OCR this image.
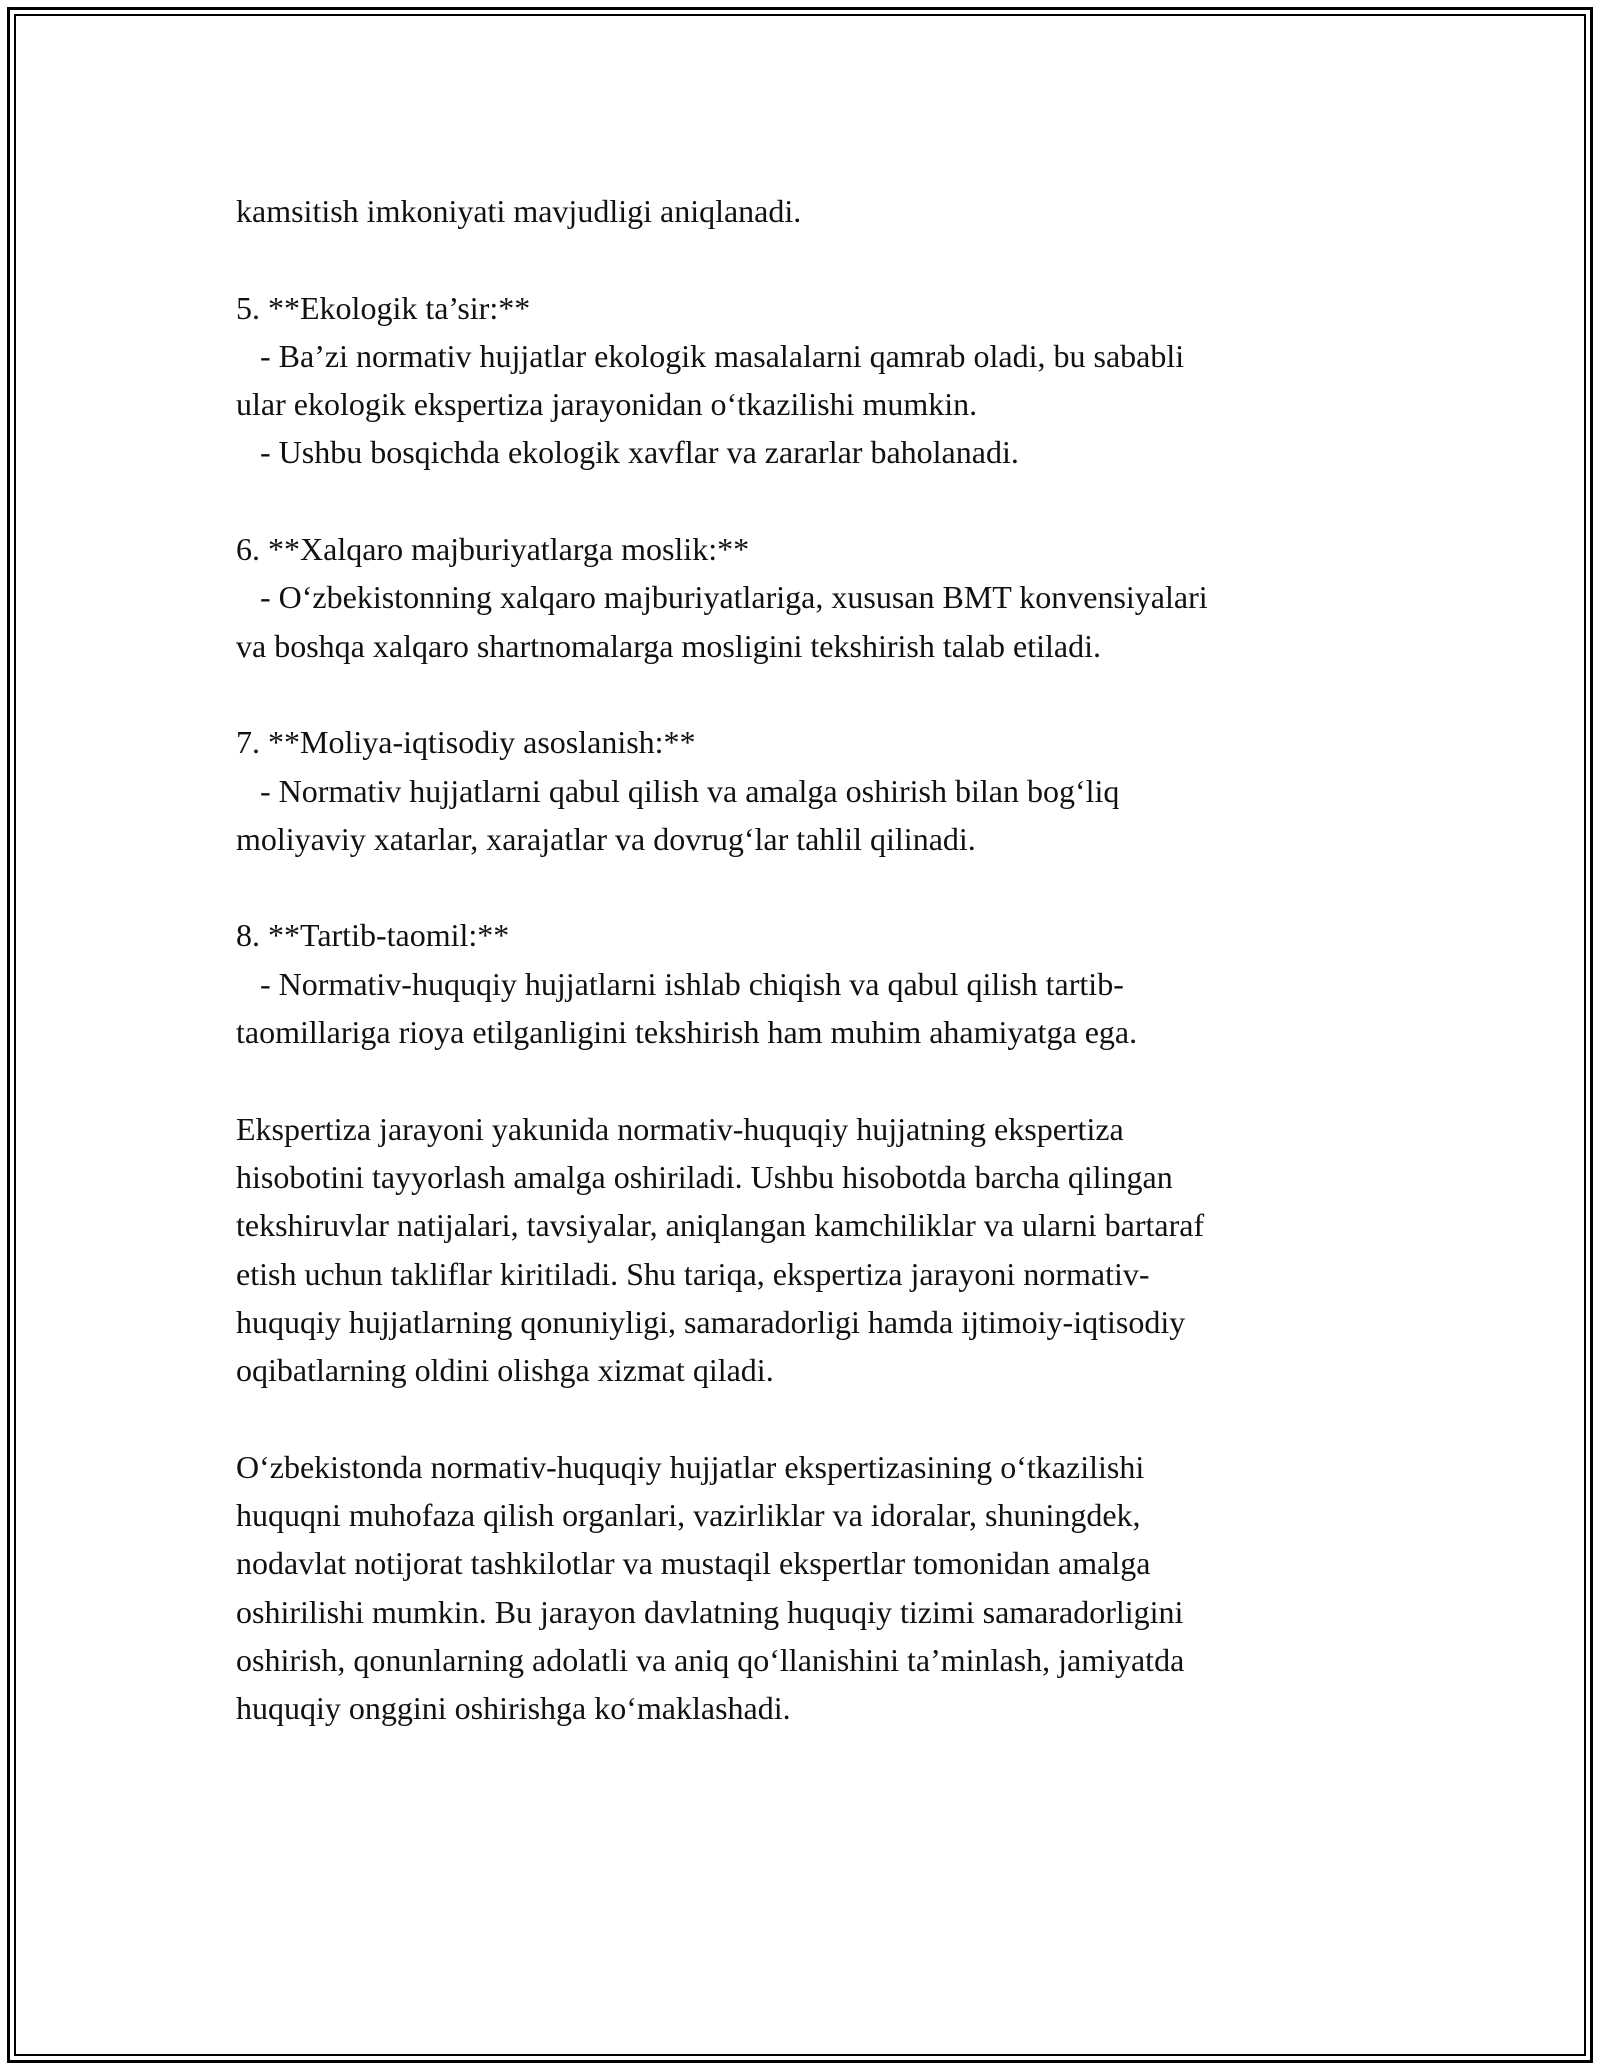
kamsitish imkoniyati mavjudligi aniqlanadi.
5. **Ekologik ta’sir:**
- Ba’zi normativ hujjatlar ekologik masalalarni qamrab oladi, bu sababli
ular ekologik ekspertiza jarayonidan o‘tkazilishi mumkin.
- Ushbu bosqichda ekologik xavflar va zararlar baholanadi.
6. **Xalqaro majburiyatlarga moslik:**
- O‘zbekistonning xalqaro majburiyatlariga, xususan BMT konvensiyalari
va boshqa xalqaro shartnomalarga mosligini tekshirish talab etiladi.
7. **Moliya-iqtisodiy asoslanish:**
- Normativ hujjatlarni qabul qilish va amalga oshirish bilan bog‘liq
moliyaviy xatarlar, xarajatlar va dovrug‘lar tahlil qilinadi.
8. **Tartib-taomil:**
- Normativ-huquqiy hujjatlarni ishlab chiqish va qabul qilish tartib-
taomillariga rioya etilganligini tekshirish ham muhim ahamiyatga ega.
Ekspertiza jarayoni yakunida normativ-huquqiy hujjatning ekspertiza
hisobotini tayyorlash amalga oshiriladi. Ushbu hisobotda barcha qilingan
tekshiruvlar natijalari, tavsiyalar, aniqlangan kamchiliklar va ularni bartaraf
etish uchun takliflar kiritiladi. Shu tariqa, ekspertiza jarayoni normativ-
huquqiy hujjatlarning qonuniyligi, samaradorligi hamda ijtimoiy-iqtisodiy
oqibatlarning oldini olishga xizmat qiladi.
O‘zbekistonda normativ-huquqiy hujjatlar ekspertizasining o‘tkazilishi
huquqni muhofaza qilish organlari, vazirliklar va idoralar, shuningdek,
nodavlat notijorat tashkilotlar va mustaqil ekspertlar tomonidan amalga
oshirilishi mumkin. Bu jarayon davlatning huquqiy tizimi samaradorligini
oshirish, qonunlarning adolatli va aniq qo‘llanishini ta’minlash, jamiyatda
huquqiy onggini oshirishga ko‘maklashadi.
